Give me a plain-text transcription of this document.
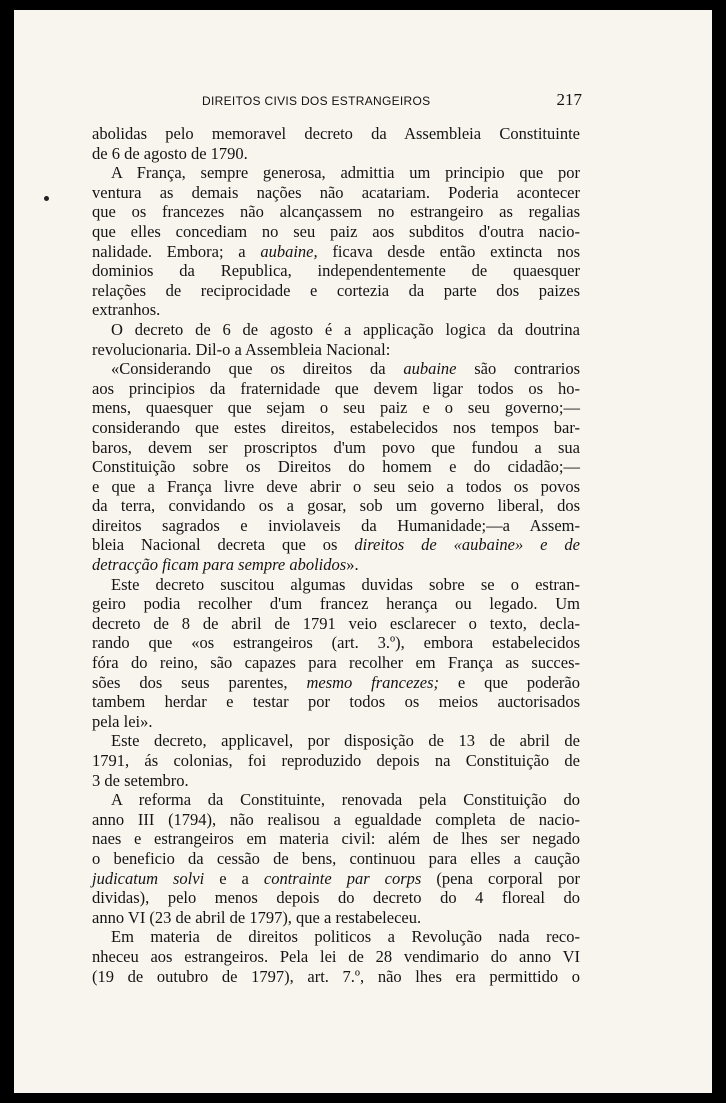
DIREITOS CIVIS DOS ESTRANGEIROS	217
abolidas pelo memoravel decreto da Assembleia Constituinte
de 6 de agosto de 1790.
A França, sempre generosa, admittia um principio que por
ventura as demais nações não acatariam. Poderia acontecer
que os francezes não alcançassem no estrangeiro as regalias
que elles concediam no seu paiz aos subditos d'outra nacio-
nalidade. Embora; a aubaine, ficava desde então extincta nos
dominios da Republica, independentemente de quaesquer
relações de reciprocidade e cortezia da parte dos paizes
extranhos.
O decreto de 6 de agosto é a applicação logica da doutrina
revolucionaria. Dil-o a Assembleia Nacional:
«Considerando que os direitos da aubaine são contrarios
aos principios da fraternidade que devem ligar todos os ho-
mens, quaesquer que sejam o seu paiz e o seu governo;—
considerando que estes direitos, estabelecidos nos tempos bar-
baros, devem ser proscriptos d'um povo que fundou a sua
Constituição sobre os Direitos do homem e do cidadão;—
e que a França livre deve abrir o seu seio a todos os povos
da terra, convidando os a gosar, sob um governo liberal, dos
direitos sagrados e inviolaveis da Humanidade;—a Assem-
bleia Nacional decreta que os direitos de «aubaine» e de
detracção ficam para sempre abolidos».
Este decreto suscitou algumas duvidas sobre se o estran-
geiro podia recolher d'um francez herança ou legado. Um
decreto de 8 de abril de 1791 veio esclarecer o texto, decla-
rando que «os estrangeiros (art. 3.º), embora estabelecidos
fóra do reino, são capazes para recolher em França as succes-
sões dos seus parentes, mesmo francezes; e que poderão
tambem herdar e testar por todos os meios auctorisados
pela lei».
Este decreto, applicavel, por disposição de 13 de abril de
1791, ás colonias, foi reproduzido depois na Constituição de
3 de setembro.
A reforma da Constituinte, renovada pela Constituição do
anno III (1794), não realisou a egualdade completa de nacio-
naes e estrangeiros em materia civil: além de lhes ser negado
o beneficio da cessão de bens, continuou para elles a caução
judicatum solvi e a contrainte par corps (pena corporal por
dividas), pelo menos depois do decreto do 4 floreal do
anno VI (23 de abril de 1797), que a restabeleceu.
Em materia de direitos politicos a Revolução nada reco-
nheceu aos estrangeiros. Pela lei de 28 vendimario do anno VI
(19 de outubro de 1797), art. 7.º, não lhes era permittido o
